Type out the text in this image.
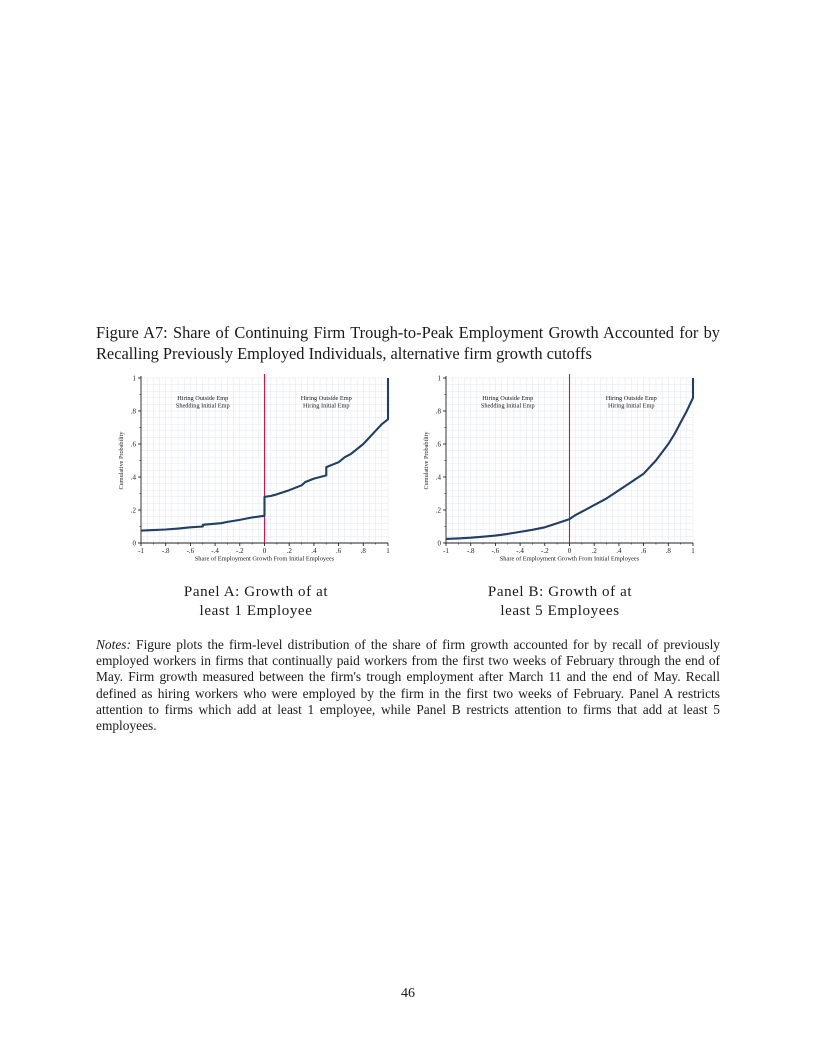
Figure A7: Share of Continuing Firm Trough-to-Peak Employment Growth Accounted for by Recalling Previously Employed Individuals, alternative firm growth cutoffs

0
.2
.4
.6
.8
1
-1	-.8 -.6 -.4 -.2	0	.2	.4	.6	.8	1
Share of Employment Growth From Initial Employees
Cumulative Probability
Hiring Outside Emp
Shedding Initial Emp
Hiring Outside Emp
Hiring Initial Emp
0
.2
.4
.6
.8
1
-1	-.8 -.6 -.4 -.2	0	.2	.4	.6	.8	1
Share of Employment Growth From Initial Employees
Cumulative Probability
Hiring Outside Emp
Shedding Initial Emp
Hiring Outside Emp
Hiring Initial Emp
Panel A: Growth of at
least 1 Employee
Panel B: Growth of at
least 5 Employees

Notes: Figure plots the firm-level distribution of the share of firm growth accounted for by recall of previously employed workers in firms that continually paid workers from the first two weeks of February through the end of May. Firm growth measured between the firm's trough employment after March 11 and the end of May. Recall defined as hiring workers who were employed by the firm in the first two weeks of February. Panel A restricts attention to firms which add at least 1 employee, while Panel B restricts attention to firms that add at least 5 employees.

46
